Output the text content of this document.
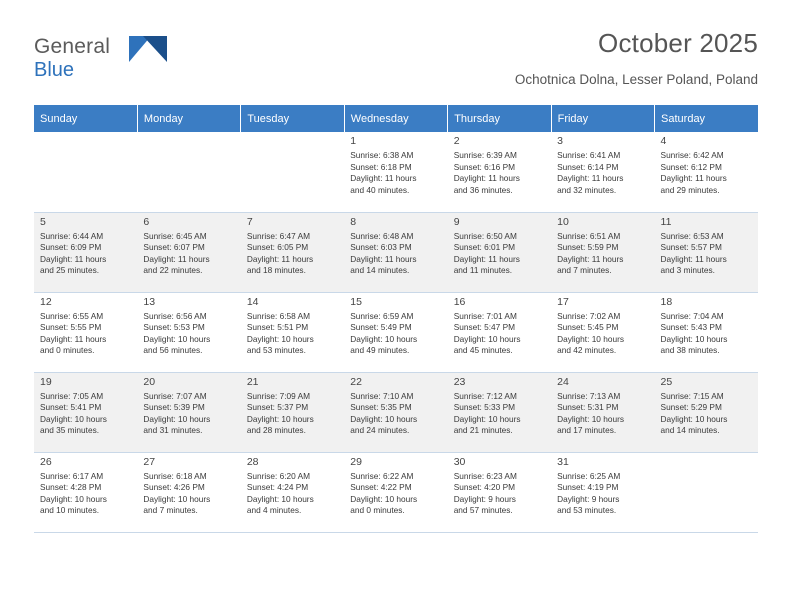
General
Blue
October 2025
Ochotnica Dolna, Lesser Poland, Poland
Sunday	Monday	Tuesday	Wednesday	Thursday	Friday	Saturday

			1
Sunrise: 6:38 AM
Sunset: 6:18 PM
Daylight: 11 hours
and 40 minutes.	2
Sunrise: 6:39 AM
Sunset: 6:16 PM
Daylight: 11 hours
and 36 minutes.	3
Sunrise: 6:41 AM
Sunset: 6:14 PM
Daylight: 11 hours
and 32 minutes.	4
Sunrise: 6:42 AM
Sunset: 6:12 PM
Daylight: 11 hours
and 29 minutes.

5
Sunrise: 6:44 AM
Sunset: 6:09 PM
Daylight: 11 hours
and 25 minutes.	6
Sunrise: 6:45 AM
Sunset: 6:07 PM
Daylight: 11 hours
and 22 minutes.	7
Sunrise: 6:47 AM
Sunset: 6:05 PM
Daylight: 11 hours
and 18 minutes.	8
Sunrise: 6:48 AM
Sunset: 6:03 PM
Daylight: 11 hours
and 14 minutes.	9
Sunrise: 6:50 AM
Sunset: 6:01 PM
Daylight: 11 hours
and 11 minutes.	10
Sunrise: 6:51 AM
Sunset: 5:59 PM
Daylight: 11 hours
and 7 minutes.	11
Sunrise: 6:53 AM
Sunset: 5:57 PM
Daylight: 11 hours
and 3 minutes.

12
Sunrise: 6:55 AM
Sunset: 5:55 PM
Daylight: 11 hours
and 0 minutes.	13
Sunrise: 6:56 AM
Sunset: 5:53 PM
Daylight: 10 hours
and 56 minutes.	14
Sunrise: 6:58 AM
Sunset: 5:51 PM
Daylight: 10 hours
and 53 minutes.	15
Sunrise: 6:59 AM
Sunset: 5:49 PM
Daylight: 10 hours
and 49 minutes.	16
Sunrise: 7:01 AM
Sunset: 5:47 PM
Daylight: 10 hours
and 45 minutes.	17
Sunrise: 7:02 AM
Sunset: 5:45 PM
Daylight: 10 hours
and 42 minutes.	18
Sunrise: 7:04 AM
Sunset: 5:43 PM
Daylight: 10 hours
and 38 minutes.

19
Sunrise: 7:05 AM
Sunset: 5:41 PM
Daylight: 10 hours
and 35 minutes.	20
Sunrise: 7:07 AM
Sunset: 5:39 PM
Daylight: 10 hours
and 31 minutes.	21
Sunrise: 7:09 AM
Sunset: 5:37 PM
Daylight: 10 hours
and 28 minutes.	22
Sunrise: 7:10 AM
Sunset: 5:35 PM
Daylight: 10 hours
and 24 minutes.	23
Sunrise: 7:12 AM
Sunset: 5:33 PM
Daylight: 10 hours
and 21 minutes.	24
Sunrise: 7:13 AM
Sunset: 5:31 PM
Daylight: 10 hours
and 17 minutes.	25
Sunrise: 7:15 AM
Sunset: 5:29 PM
Daylight: 10 hours
and 14 minutes.

26
Sunrise: 6:17 AM
Sunset: 4:28 PM
Daylight: 10 hours
and 10 minutes.	27
Sunrise: 6:18 AM
Sunset: 4:26 PM
Daylight: 10 hours
and 7 minutes.	28
Sunrise: 6:20 AM
Sunset: 4:24 PM
Daylight: 10 hours
and 4 minutes.	29
Sunrise: 6:22 AM
Sunset: 4:22 PM
Daylight: 10 hours
and 0 minutes.	30
Sunrise: 6:23 AM
Sunset: 4:20 PM
Daylight: 9 hours
and 57 minutes.	31
Sunrise: 6:25 AM
Sunset: 4:19 PM
Daylight: 9 hours
and 53 minutes.	
